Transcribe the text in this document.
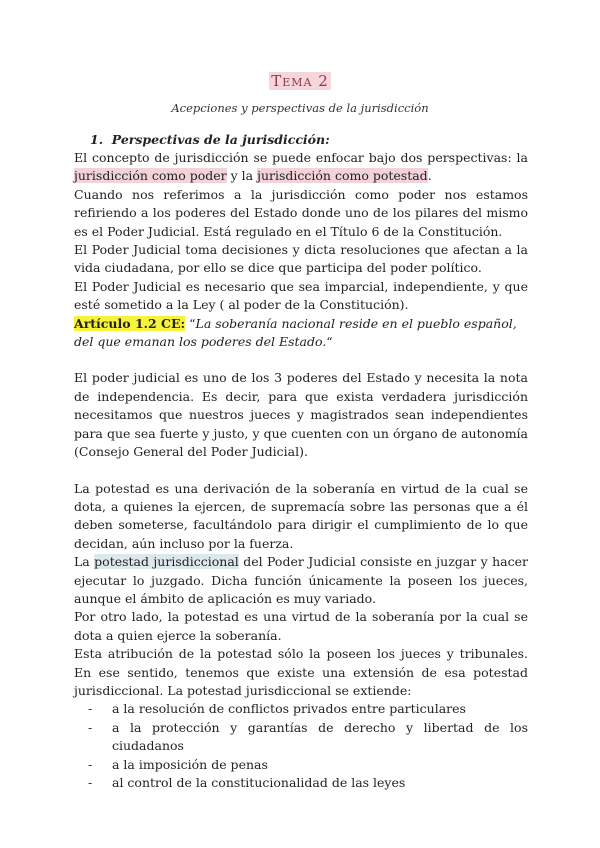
Tema 2
Acepciones y perspectivas de la jurisdicción
1. Perspectivas de la jurisdicción:

El concepto de jurisdicción se puede enfocar bajo dos perspectivas: la jurisdicción como poder y la jurisdicción como potestad.

Cuando nos referimos a la jurisdicción como poder nos estamos refiriendo a los poderes del Estado donde uno de los pilares del mismo es el Poder Judicial. Está regulado en el Título 6 de la Constitución.

El Poder Judicial toma decisiones y dicta resoluciones que afectan a la vida ciudadana, por ello se dice que participa del poder político.

El Poder Judicial es necesario que sea imparcial, independiente, y que esté sometido a la Ley ( al poder de la Constitución).

Artículo 1.2 CE: “La soberanía nacional reside en el pueblo español, del que emanan los poderes del Estado.“

El poder judicial es uno de los 3 poderes del Estado y necesita la nota de independencia. Es decir, para que exista verdadera jurisdicción necesitamos que nuestros jueces y magistrados sean independientes para que sea fuerte y justo, y que cuenten con un órgano de autonomía (Consejo General del Poder Judicial).

La potestad es una derivación de la soberanía en virtud de la cual se dota, a quienes la ejercen, de supremacía sobre las personas que a él deben someterse, facultándolo para dirigir el cumplimiento de lo que decidan, aún incluso por la fuerza.

La potestad jurisdiccional del Poder Judicial consiste en juzgar y hacer ejecutar lo juzgado. Dicha función únicamente la poseen los jueces, aunque el ámbito de aplicación es muy variado.

Por otro lado, la potestad es una virtud de la soberanía por la cual se dota a quien ejerce la soberanía.

Esta atribución de la potestad sólo la poseen los jueces y tribunales. En ese sentido, tenemos que existe una extensión de esa potestad jurisdiccional. La potestad jurisdiccional se extiende:

- a la resolución de conflictos privados entre particulares
- a la protección y garantías de derecho y libertad de los ciudadanos
- a la imposición de penas
- al control de la constitucionalidad de las leyes
